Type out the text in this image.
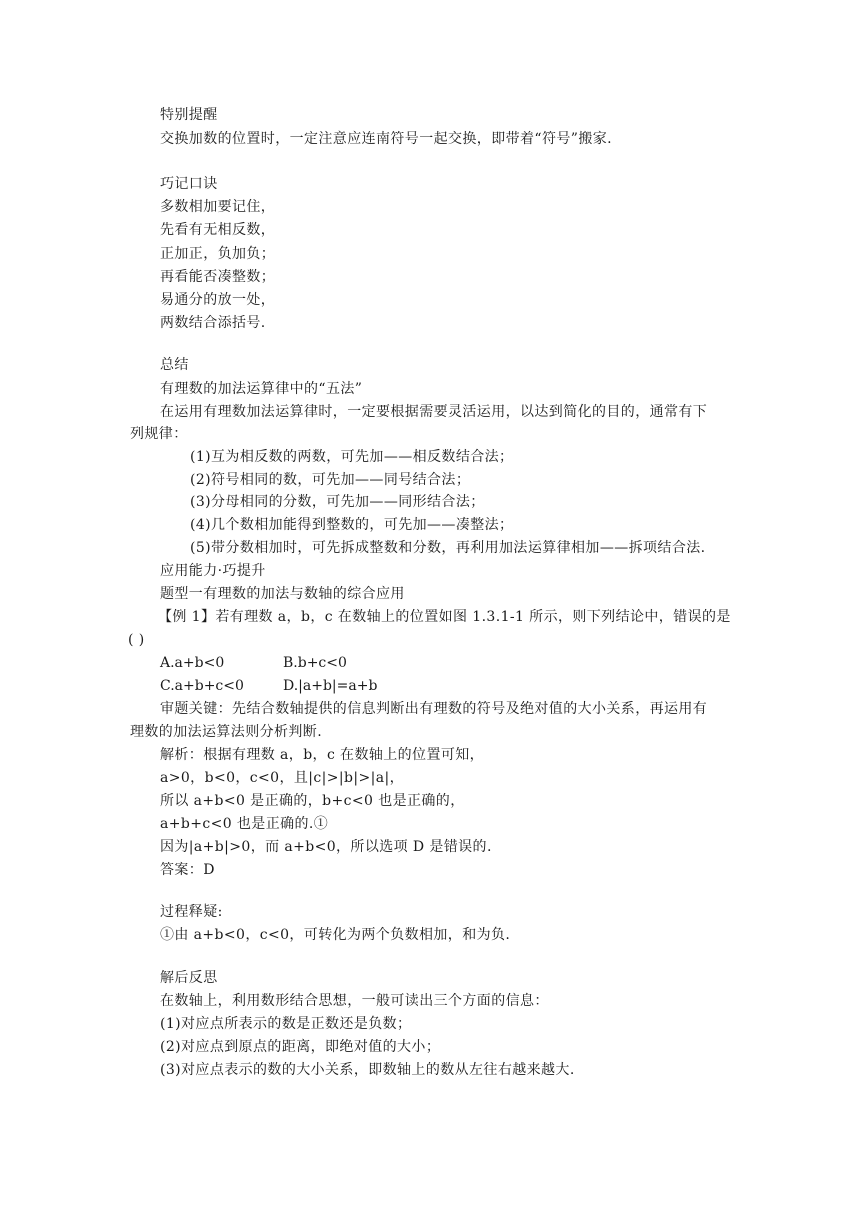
特别提醒
交换加数的位置时，一定注意应连南符号一起交换，即带着“符号”搬家.
巧记口诀
多数相加要记住，
先看有无相反数，
正加正，负加负；
再看能否凑整数；
易通分的放一处，
两数结合添括号.
总结
有理数的加法运算律中的“五法”
在运用有理数加法运算律时，一定要根据需要灵活运用，以达到简化的目的，通常有下
列规律：
(1)互为相反数的两数，可先加——相反数结合法；
(2)符号相同的数，可先加——同号结合法；
(3)分母相同的分数，可先加——同形结合法；
(4)几个数相加能得到整数的，可先加——凑整法；
(5)带分数相加时，可先拆成整数和分数，再利用加法运算律相加——拆项结合法.
应用能力·巧提升
题型一有理数的加法与数轴的综合应用
【例 1】若有理数 a，b，c 在数轴上的位置如图 1.3.1-1 所示，则下列结论中，错误的是
( )
A.a+b<0	B.b+c<0
C.a+b+c<0	D.|a+b|=a+b
审题关键：先结合数轴提供的信息判断出有理数的符号及绝对值的大小关系，再运用有
理数的加法运算法则分析判断.
解析：根据有理数 a，b，c 在数轴上的位置可知，
a>0，b<0，c<0，且|c|>|b|>|a|，
所以 a+b<0 是正确的，b+c<0 也是正确的，
a+b+c<0 也是正确的.①
因为|a+b|>0，而 a+b<0，所以选项 D 是错误的.
答案：D
过程释疑:
①由 a+b<0，c<0，可转化为两个负数相加，和为负.
解后反思
在数轴上，利用数形结合思想，一般可读出三个方面的信息：
(1)对应点所表示的数是正数还是负数；
(2)对应点到原点的距离，即绝对值的大小；
(3)对应点表示的数的大小关系，即数轴上的数从左往右越来越大.
